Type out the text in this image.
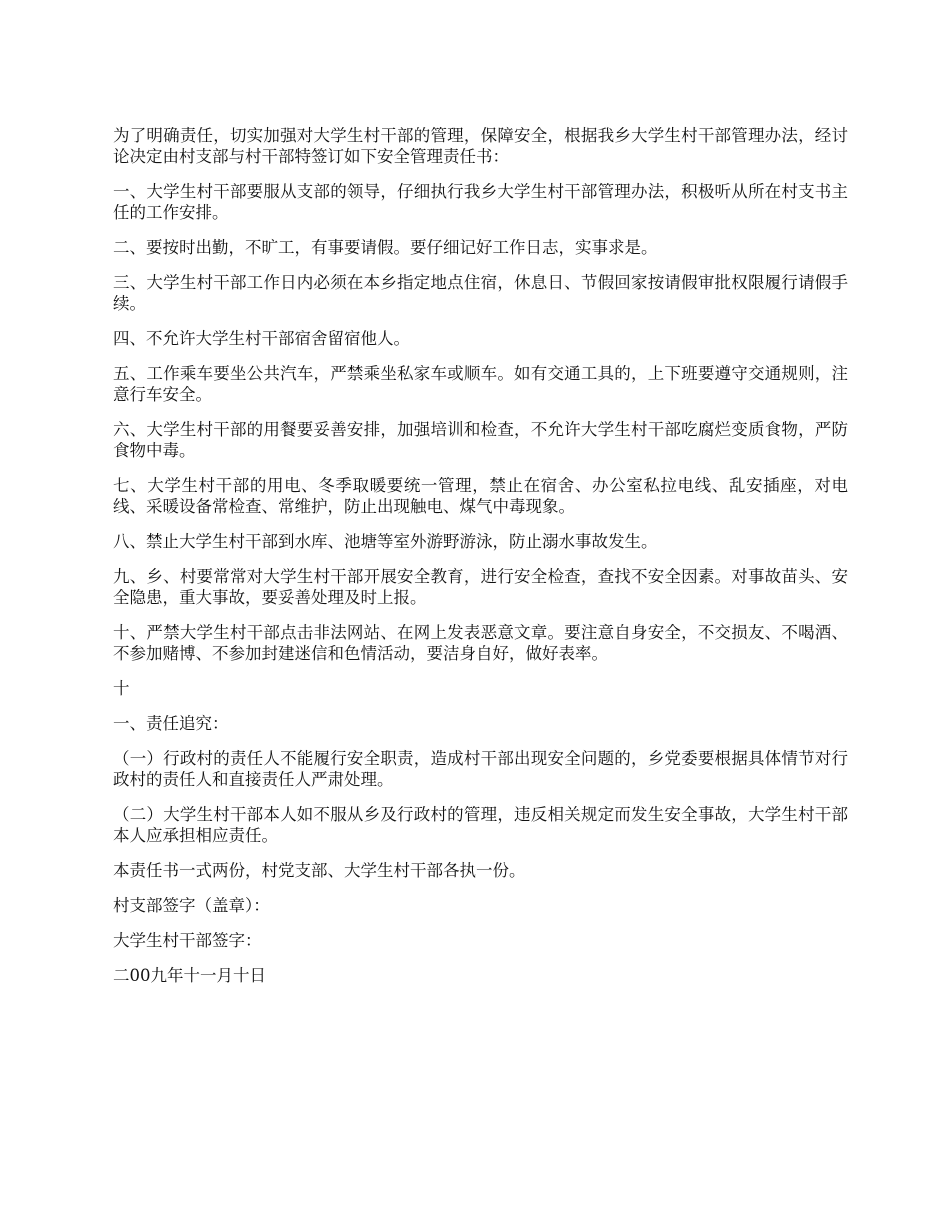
为了明确责任，切实加强对大学生村干部的管理，保障安全，根据我乡大学生村干部管理办法，经讨论决定由村支部与村干部特签订如下安全管理责任书：

一、大学生村干部要服从支部的领导，仔细执行我乡大学生村干部管理办法，积极听从所在村支书主任的工作安排。

二、要按时出勤，不旷工，有事要请假。要仔细记好工作日志，实事求是。

三、大学生村干部工作日内必须在本乡指定地点住宿，休息日、节假回家按请假审批权限履行请假手续。

四、不允许大学生村干部宿舍留宿他人。

五、工作乘车要坐公共汽车，严禁乘坐私家车或顺车。如有交通工具的，上下班要遵守交通规则，注意行车安全。

六、大学生村干部的用餐要妥善安排，加强培训和检查，不允许大学生村干部吃腐烂变质食物，严防食物中毒。

七、大学生村干部的用电、冬季取暖要统一管理，禁止在宿舍、办公室私拉电线、乱安插座，对电线、采暖设备常检查、常维护，防止出现触电、煤气中毒现象。

八、禁止大学生村干部到水库、池塘等室外游野游泳，防止溺水事故发生。

九、乡、村要常常对大学生村干部开展安全教育，进行安全检查，查找不安全因素。对事故苗头、安全隐患，重大事故，要妥善处理及时上报。

十、严禁大学生村干部点击非法网站、在网上发表恶意文章。要注意自身安全，不交损友、不喝酒、不参加赌博、不参加封建迷信和色情活动，要洁身自好，做好表率。

十

一、责任追究：

（一）行政村的责任人不能履行安全职责，造成村干部出现安全问题的，乡党委要根据具体情节对行政村的责任人和直接责任人严肃处理。

（二）大学生村干部本人如不服从乡及行政村的管理，违反相关规定而发生安全事故，大学生村干部本人应承担相应责任。

本责任书一式两份，村党支部、大学生村干部各执一份。

村支部签字（盖章）：

大学生村干部签字：

二00九年十一月十日
